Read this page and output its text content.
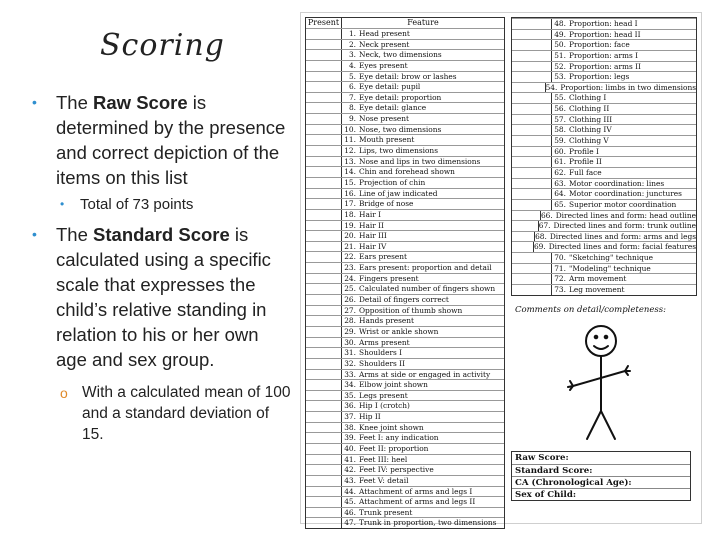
Scoring
• The Raw Score is determined by the presence and correct depiction of the items on this list
• Total of 73 points
• The Standard Score is calculated using a specific scale that expresses the child’s relative standing in relation to his or her own age and sex group.
o With a calculated mean of 100 and a standard deviation of 15.
Present	Feature
1. Head present
2. Neck present
3. Neck, two dimensions
4. Eyes present
5. Eye detail: brow or lashes
6. Eye detail: pupil
7. Eye detail: proportion
8. Eye detail: glance
9. Nose present
10. Nose, two dimensions
11. Mouth present
12. Lips, two dimensions
13. Nose and lips in two dimensions
14. Chin and forehead shown
15. Projection of chin
16. Line of jaw indicated
17. Bridge of nose
18. Hair I
19. Hair II
20. Hair III
21. Hair IV
22. Ears present
23. Ears present: proportion and detail
24. Fingers present
25. Calculated number of fingers shown
26. Detail of fingers correct
27. Opposition of thumb shown
28. Hands present
29. Wrist or ankle shown
30. Arms present
31. Shoulders I
32. Shoulders II
33. Arms at side or engaged in activity
34. Elbow joint shown
35. Legs present
36. Hip I (crotch)
37. Hip II
38. Knee joint shown
39. Feet I: any indication
40. Feet II: proportion
41. Feet III: heel
42. Feet IV: perspective
43. Feet V: detail
44. Attachment of arms and legs I
45. Attachment of arms and legs II
46. Trunk present
47. Trunk in proportion, two dimensions
48. Proportion: head I
49. Proportion: head II
50. Proportion: face
51. Proportion: arms I
52. Proportion: arms II
53. Proportion: legs
54. Proportion: limbs in two dimensions
55. Clothing I
56. Clothing II
57. Clothing III
58. Clothing IV
59. Clothing V
60. Profile I
61. Profile II
62. Full face
63. Motor coordination: lines
64. Motor coordination: junctures
65. Superior motor coordination
66. Directed lines and form: head outline
67. Directed lines and form: trunk outline
68. Directed lines and form: arms and legs
69. Directed lines and form: facial features
70. "Sketching" technique
71. "Modeling" technique
72. Arm movement
73. Leg movement
Comments on detail/completeness:
Raw Score:
Standard Score:
CA (Chronological Age):
Sex of Child:
